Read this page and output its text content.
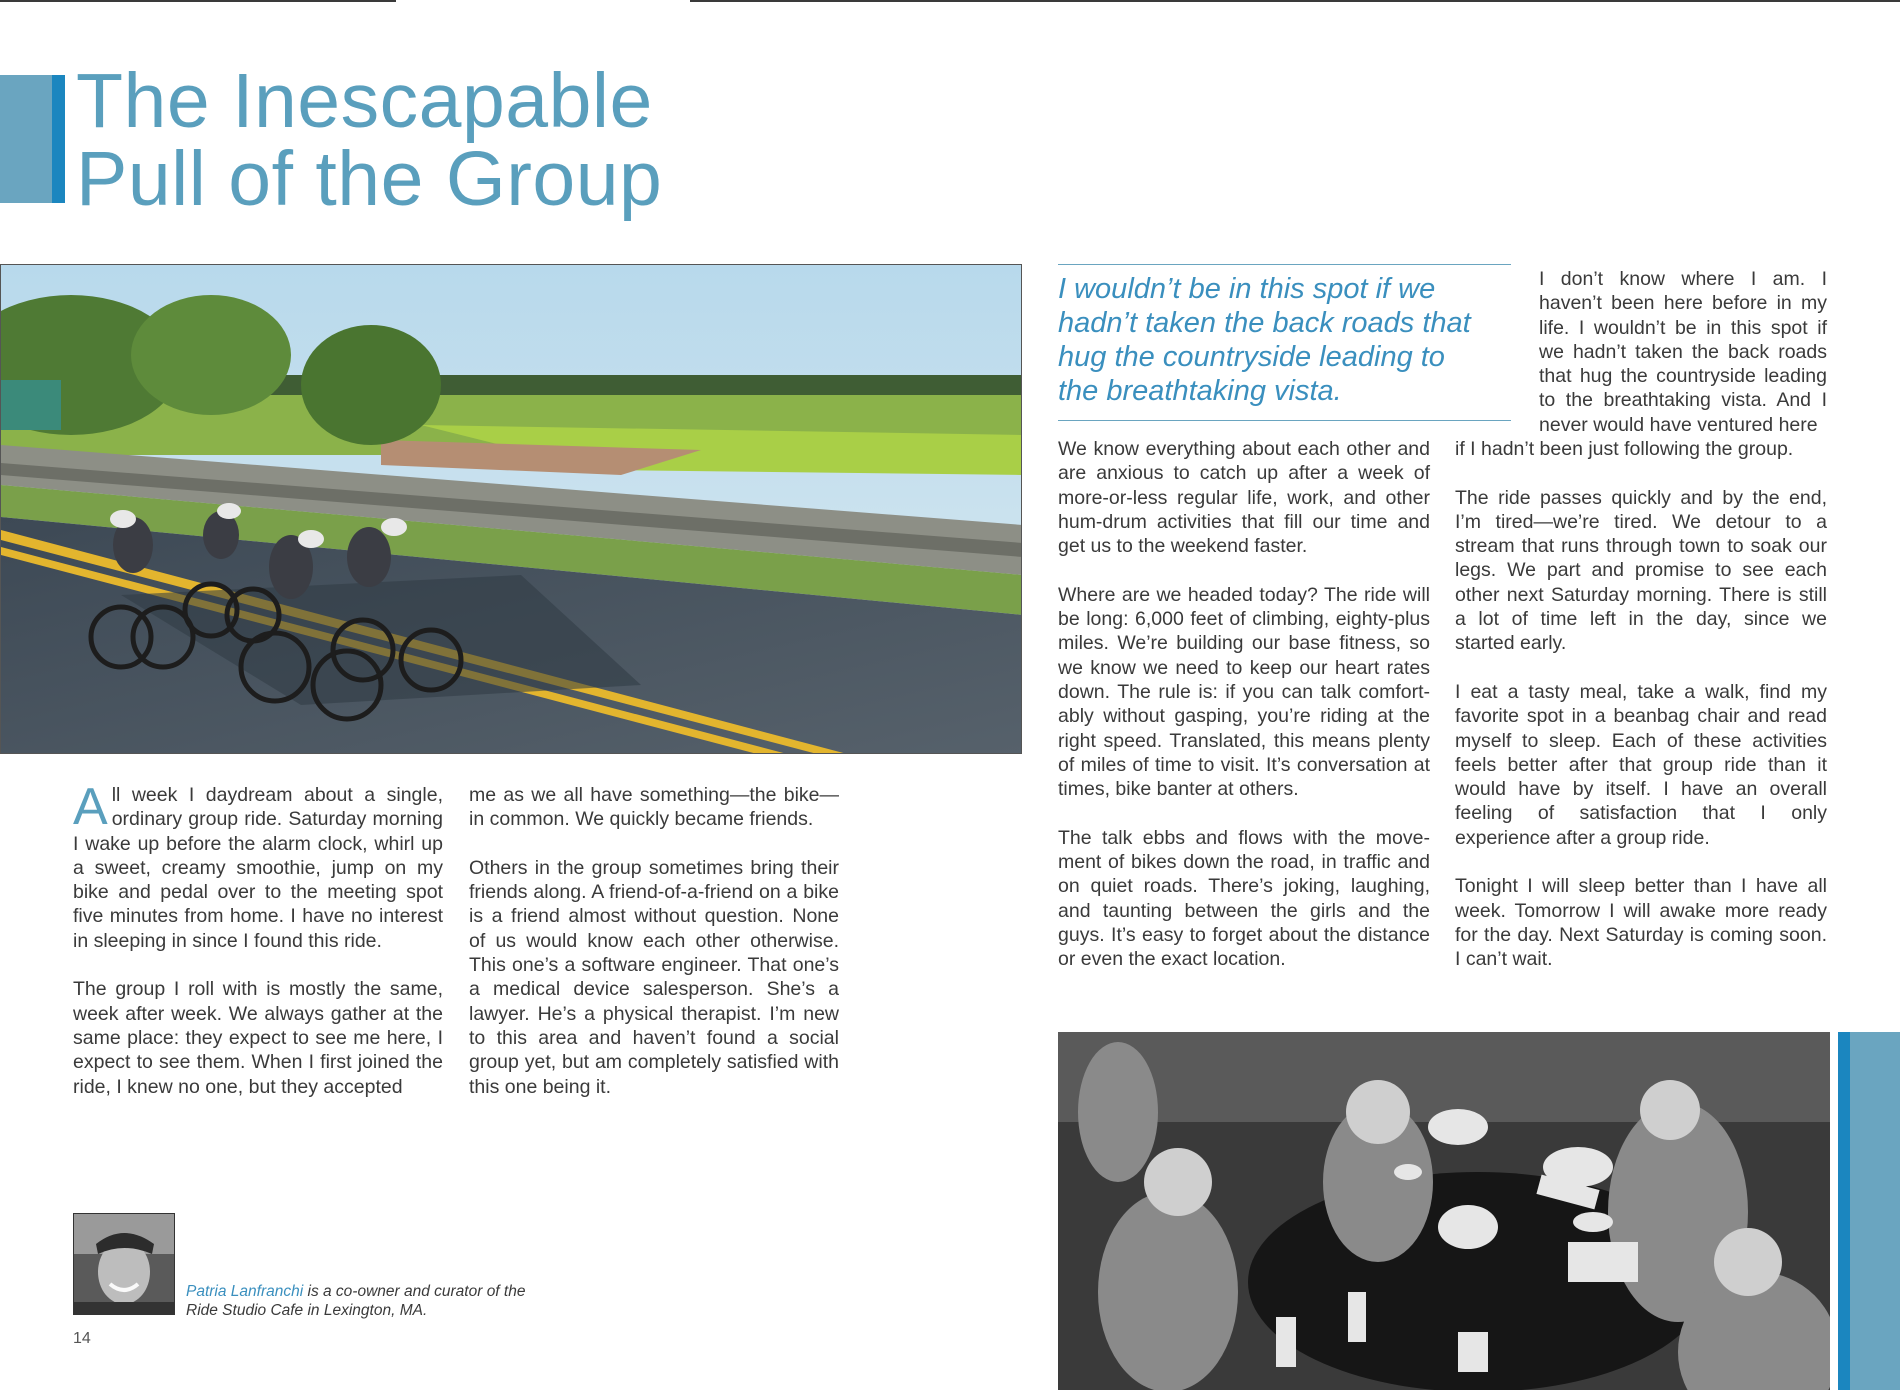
The Inescapable
Pull of the Group

All week I daydream about a single, ordinary group ride. Saturday morning I wake up before the alarm clock, whirl up a sweet, creamy smoothie, jump on my bike and pedal over to the meeting spot five minutes from home. I have no interest in sleeping in since I found this ride.

The group I roll with is mostly the same, week after week. We always gather at the same place: they expect to see me here, I expect to see them. When I first joined the ride, I knew no one, but they accepted

me as we all have something—the bike—in common. We quickly became friends.

Others in the group sometimes bring their friends along. A friend-of-a-friend on a bike is a friend almost without question. None of us would know each other otherwise. This one’s a software engineer. That one’s a medical device salesperson. She’s a lawyer. He’s a physical therapist. I’m new to this area and haven’t found a social group yet, but am completely satisfied with this one being it.

I wouldn’t be in this spot if we
hadn’t taken the back roads that
hug the countryside leading to
the breathtaking vista.
I don’t know where I am. I haven’t been here before in my life. I wouldn’t be in this spot if we hadn’t taken the back roads that hug the countryside leading to the breathtaking vista. And I never would have ventured here

We know everything about each other and are anxious to catch up after a week of more-or-less regular life, work, and other hum-drum activities that fill our time and get us to the weekend faster.

Where are we headed today? The ride will be long: 6,000 feet of climbing, eighty-plus miles. We’re building our base fitness, so we know we need to keep our heart rates down. The rule is: if you can talk comfortably without gasping, you’re riding at the right speed. Translated, this means plenty of miles of time to visit. It’s conversation at times, bike banter at others.

The talk ebbs and flows with the movement of bikes down the road, in traffic and on quiet roads. There’s joking, laughing, and taunting between the girls and the guys. It’s easy to forget about the distance or even the exact location.

if I hadn’t been just following the group.

The ride passes quickly and by the end, I’m tired—we’re tired. We detour to a stream that runs through town to soak our legs. We part and promise to see each other next Saturday morning. There is still a lot of time left in the day, since we started early.

I eat a tasty meal, take a walk, find my favorite spot in a beanbag chair and read myself to sleep. Each of these activities feels better after that group ride than it would have by itself. I have an overall feeling of satisfaction that I only experience after a group ride.

Tonight I will sleep better than I have all week. Tomorrow I will awake more ready for the day. Next Saturday is coming soon. I can’t wait.

Patria Lanfranchi is a co-owner and curator of the Ride Studio Cafe in Lexington, MA.
14
